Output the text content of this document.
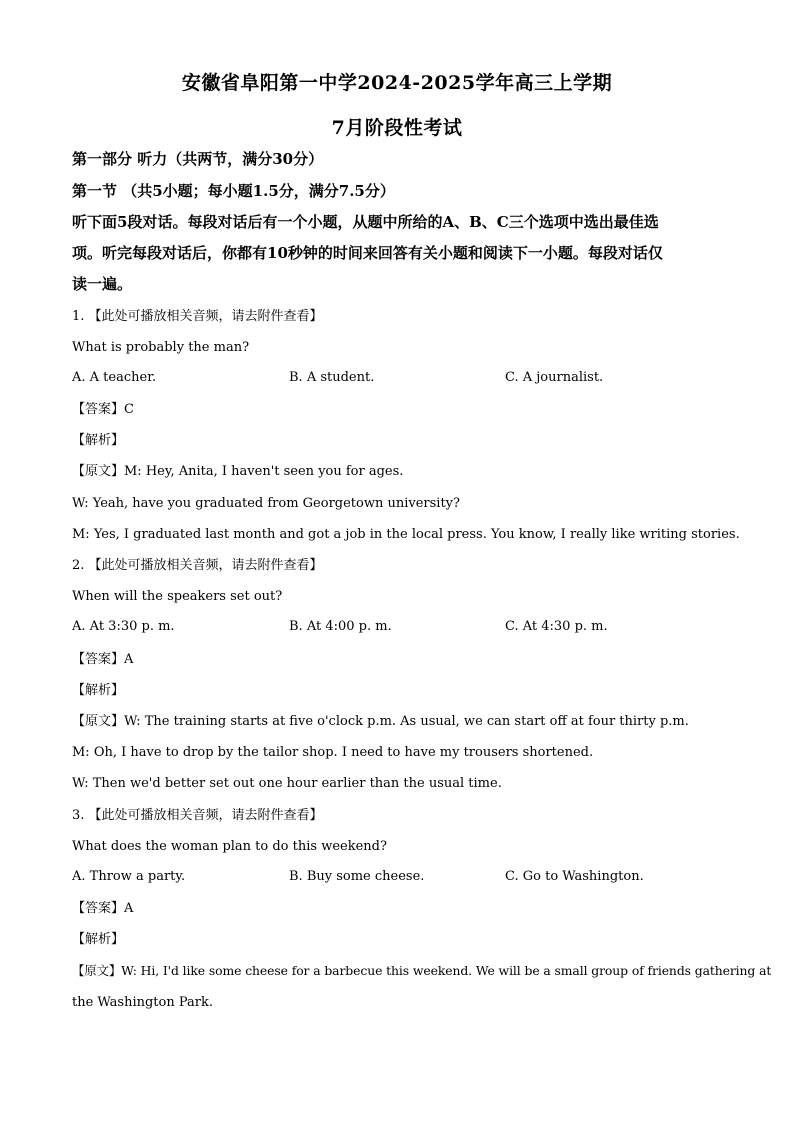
安徽省阜阳第一中学2024-2025学年高三上学期
7月阶段性考试
第一部分 听力（共两节，满分30分）
第一节 （共5小题；每小题1.5分，满分7.5分）
听下面5段对话。每段对话后有一个小题，从题中所给的A、B、C三个选项中选出最佳选
项。听完每段对话后，你都有10秒钟的时间来回答有关小题和阅读下一小题。每段对话仅
读一遍。
1. 【此处可播放相关音频，请去附件查看】
What is probably the man?
A. A teacher.	B. A student.	C. A journalist.
【答案】C
【解析】
【原文】M: Hey, Anita, I haven't seen you for ages.
W: Yeah, have you graduated from Georgetown university?
M: Yes, I graduated last month and got a job in the local press. You know, I really like writing stories.
2. 【此处可播放相关音频，请去附件查看】
When will the speakers set out?
A. At 3:30 p. m.	B. At 4:00 p. m.	C. At 4:30 p. m.
【答案】A
【解析】
【原文】W: The training starts at five o'clock p.m. As usual, we can start off at four thirty p.m.
M: Oh, I have to drop by the tailor shop. I need to have my trousers shortened.
W: Then we'd better set out one hour earlier than the usual time.
3. 【此处可播放相关音频，请去附件查看】
What does the woman plan to do this weekend?
A. Throw a party.	B. Buy some cheese.	C. Go to Washington.
【答案】A
【解析】
【原文】W: Hi, I'd like some cheese for a barbecue this weekend. We will be a small group of friends gathering at
the Washington Park.
